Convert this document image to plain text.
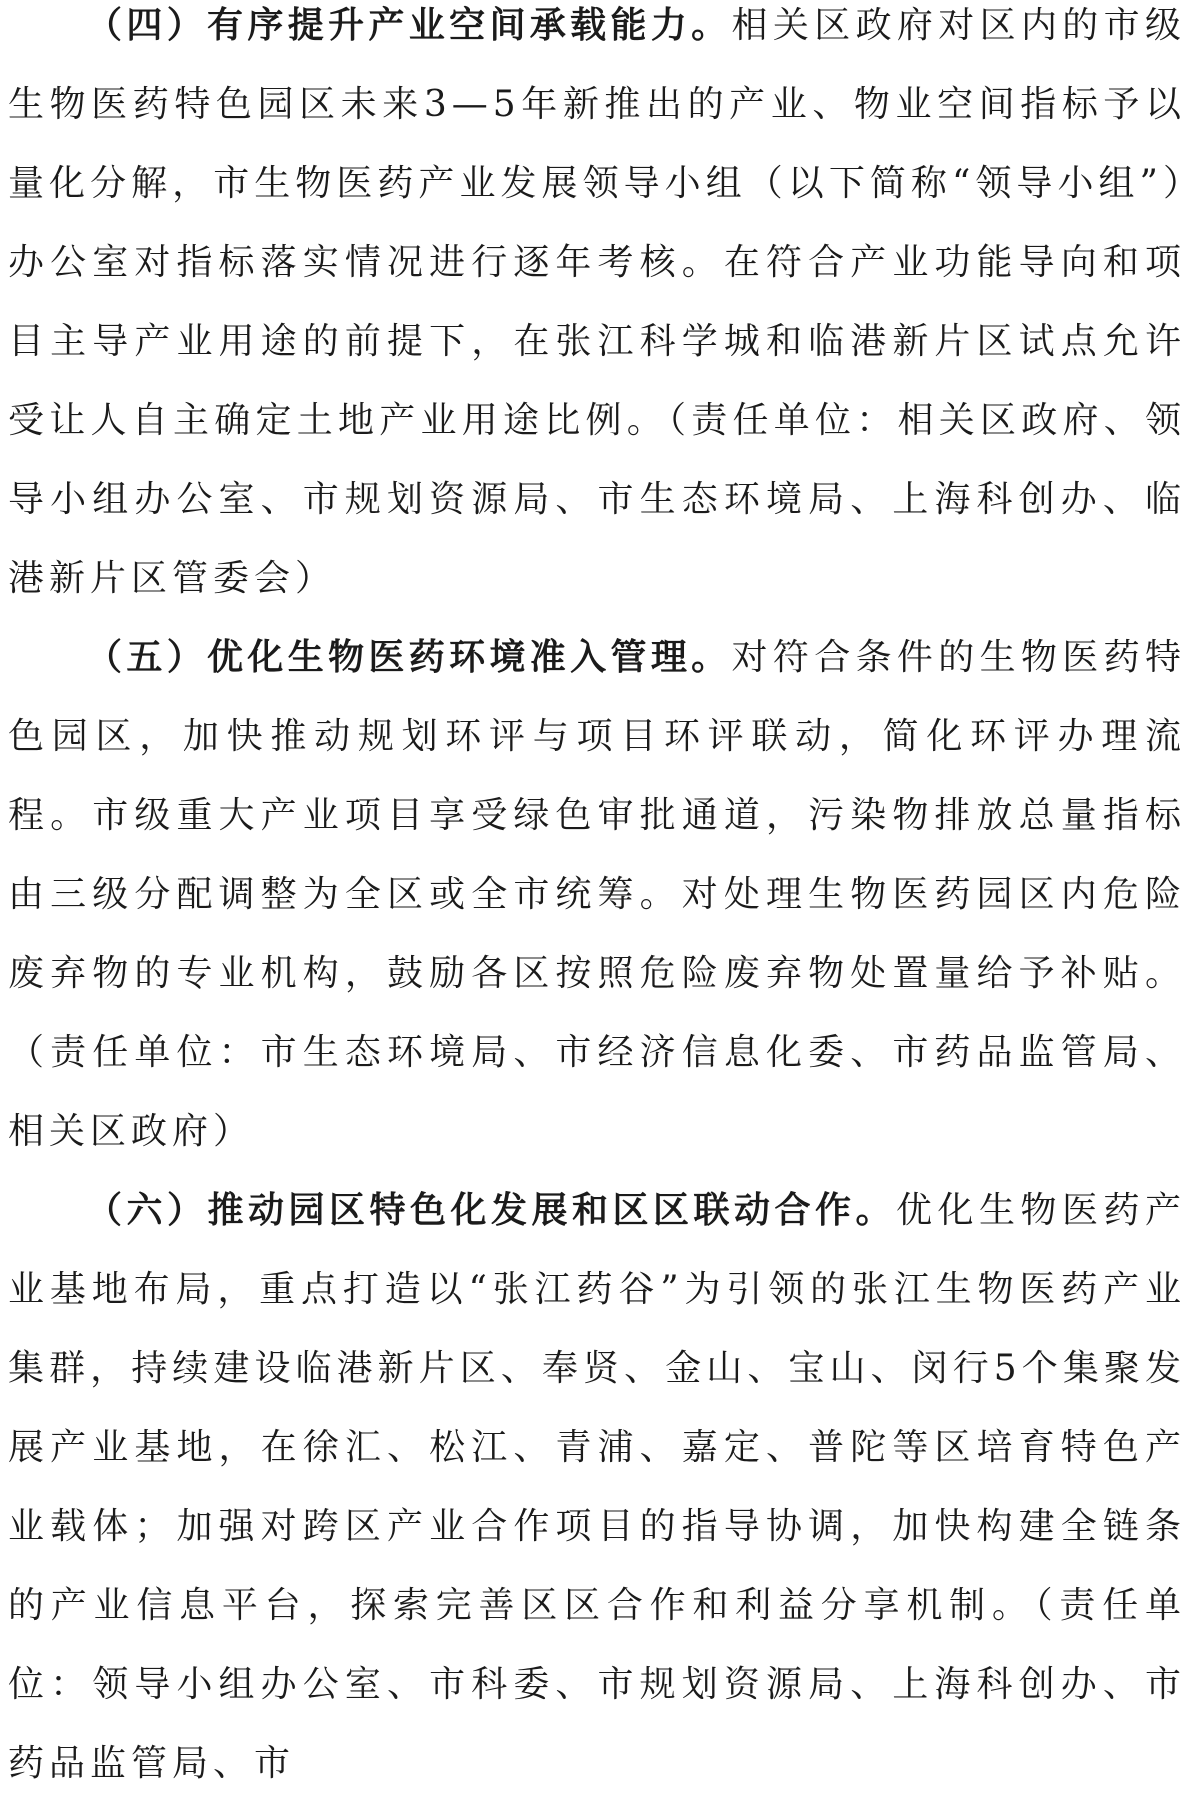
（四）有序提升产业空间承载能力。相关区政府对区内的市级生物医药特色园区未来3—5年新推出的产业、物业空间指标予以量化分解，市生物医药产业发展领导小组（以下简称“领导小组”）办公室对指标落实情况进行逐年考核。在符合产业功能导向和项目主导产业用途的前提下，在张江科学城和临港新片区试点允许受让人自主确定土地产业用途比例。（责任单位：相关区政府、领导小组办公室、市规划资源局、市生态环境局、上海科创办、临港新片区管委会）

（五）优化生物医药环境准入管理。对符合条件的生物医药特色园区，加快推动规划环评与项目环评联动，简化环评办理流程。市级重大产业项目享受绿色审批通道，污染物排放总量指标由三级分配调整为全区或全市统筹。对处理生物医药园区内危险废弃物的专业机构，鼓励各区按照危险废弃物处置量给予补贴。（责任单位：市生态环境局、市经济信息化委、市药品监管局、相关区政府）

（六）推动园区特色化发展和区区联动合作。优化生物医药产业基地布局，重点打造以“张江药谷”为引领的张江生物医药产业集群，持续建设临港新片区、奉贤、金山、宝山、闵行5个集聚发展产业基地，在徐汇、松江、青浦、嘉定、普陀等区培育特色产业载体；加强对跨区产业合作项目的指导协调，加快构建全链条的产业信息平台，探索完善区区合作和利益分享机制。（责任单位：领导小组办公室、市科委、市规划资源局、上海科创办、市药品监管局、市
